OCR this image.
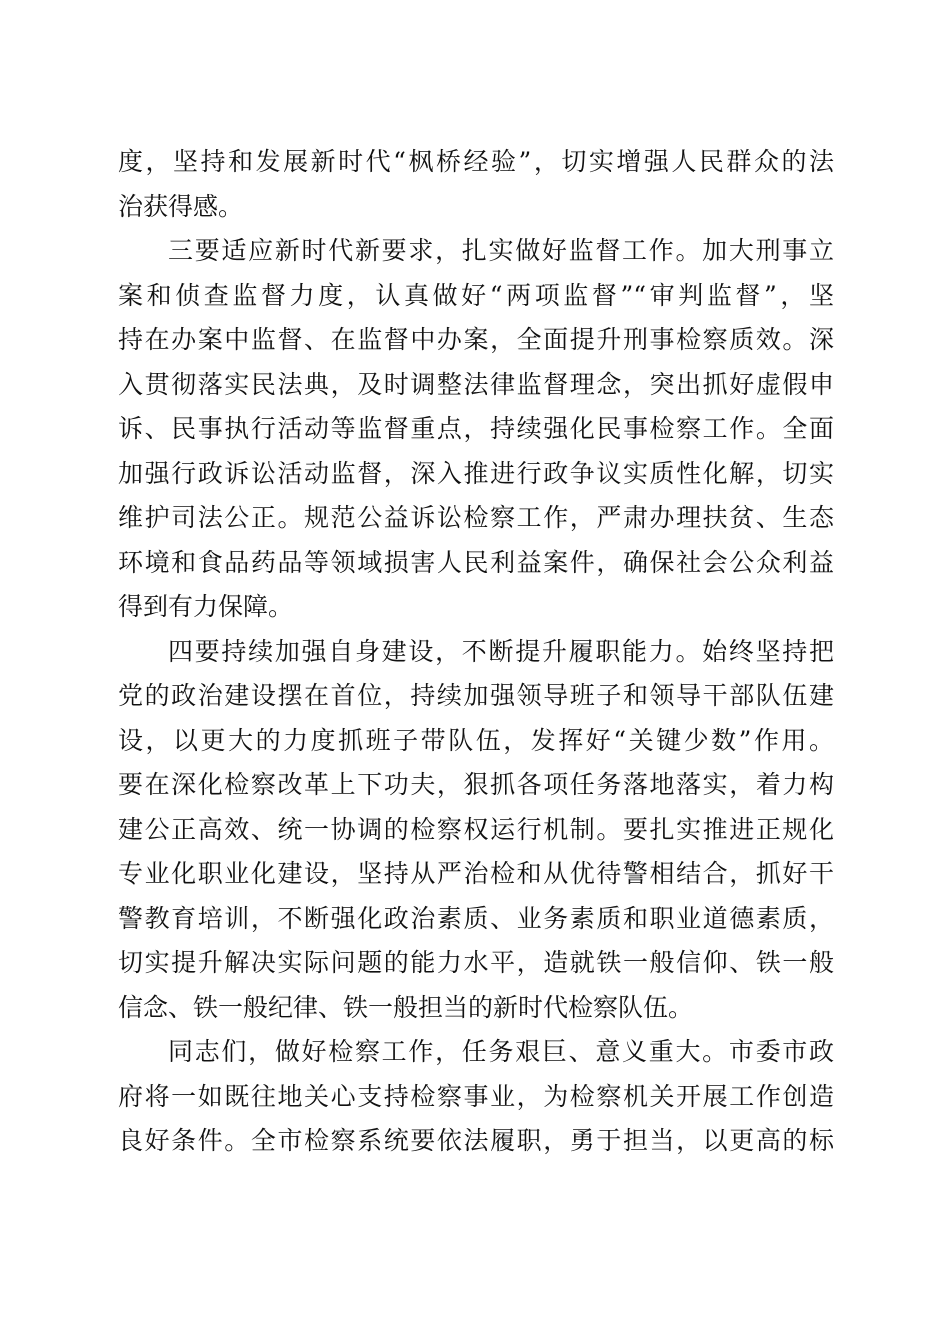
度，坚持和发展新时代“枫桥经验”，切实增强人民群众的法
治获得感。
三要适应新时代新要求，扎实做好监督工作。加大刑事立
案和侦查监督力度，认真做好“两项监督”“审判监督”，坚
持在办案中监督、在监督中办案，全面提升刑事检察质效。深
入贯彻落实民法典，及时调整法律监督理念，突出抓好虚假申
诉、民事执行活动等监督重点，持续强化民事检察工作。全面
加强行政诉讼活动监督，深入推进行政争议实质性化解，切实
维护司法公正。规范公益诉讼检察工作，严肃办理扶贫、生态
环境和食品药品等领域损害人民利益案件，确保社会公众利益
得到有力保障。
四要持续加强自身建设，不断提升履职能力。始终坚持把
党的政治建设摆在首位，持续加强领导班子和领导干部队伍建
设，以更大的力度抓班子带队伍，发挥好“关键少数”作用。
要在深化检察改革上下功夫，狠抓各项任务落地落实，着力构
建公正高效、统一协调的检察权运行机制。要扎实推进正规化
专业化职业化建设，坚持从严治检和从优待警相结合，抓好干
警教育培训，不断强化政治素质、业务素质和职业道德素质，
切实提升解决实际问题的能力水平，造就铁一般信仰、铁一般
信念、铁一般纪律、铁一般担当的新时代检察队伍。
同志们，做好检察工作，任务艰巨、意义重大。市委市政
府将一如既往地关心支持检察事业，为检察机关开展工作创造
良好条件。全市检察系统要依法履职，勇于担当，以更高的标
